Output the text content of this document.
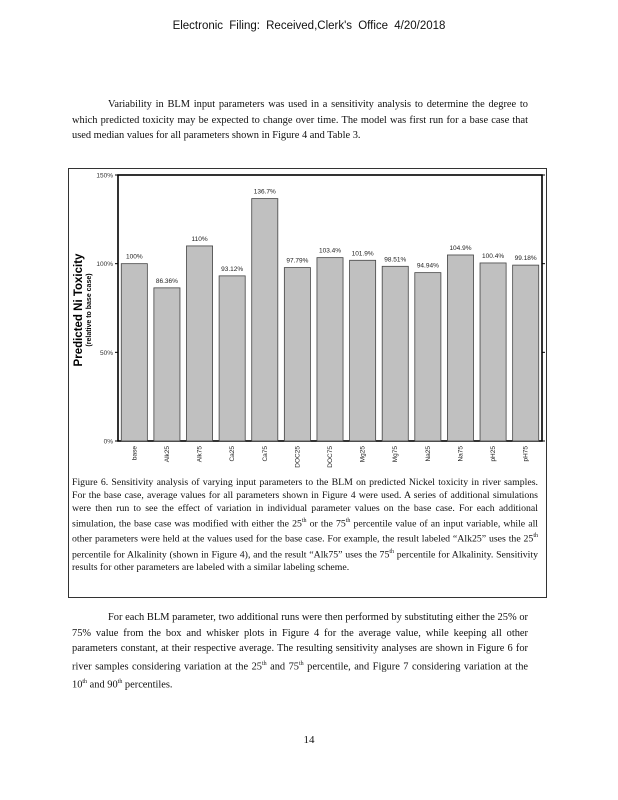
Electronic Filing: Received,Clerk's Office 4/20/2018
Variability in BLM input parameters was used in a sensitivity analysis to determine the degree to which predicted toxicity may be expected to change over time. The model was first run for a base case that used median values for all parameters shown in Figure 4 and Table 3.
0%
50%
100%
150%
100%
base
86.36%
Alk25
110%
Alk75
93.12%
Ca25
136.7%
Ca75
97.79%
DOC25
103.4%
DOC75
101.9%
Mg25
98.51%
Mg75
94.94%
Na25
104.9%
Na75
100.4%
pH25
99.18%
pH75
Predicted Ni Toxicity (relative to base case)
Figure 6. Sensitivity analysis of varying input parameters to the BLM on predicted Nickel toxicity in river samples. For the base case, average values for all parameters shown in Figure 4 were used. A series of additional simulations were then run to see the effect of variation in individual parameter values on the base case. For each additional simulation, the base case was modified with either the 25th or the 75th percentile value of an input variable, while all other parameters were held at the values used for the base case. For example, the result labeled “Alk25” uses the 25th percentile for Alkalinity (shown in Figure 4), and the result “Alk75” uses the 75th percentile for Alkalinity. Sensitivity results for other parameters are labeled with a similar labeling scheme.
For each BLM parameter, two additional runs were then performed by substituting either the 25% or 75% value from the box and whisker plots in Figure 4 for the average value, while keeping all other parameters constant, at their respective average. The resulting sensitivity analyses are shown in Figure 6 for river samples considering variation at the 25th and 75th percentile, and Figure 7 considering variation at the 10th and 90th percentiles.
14
